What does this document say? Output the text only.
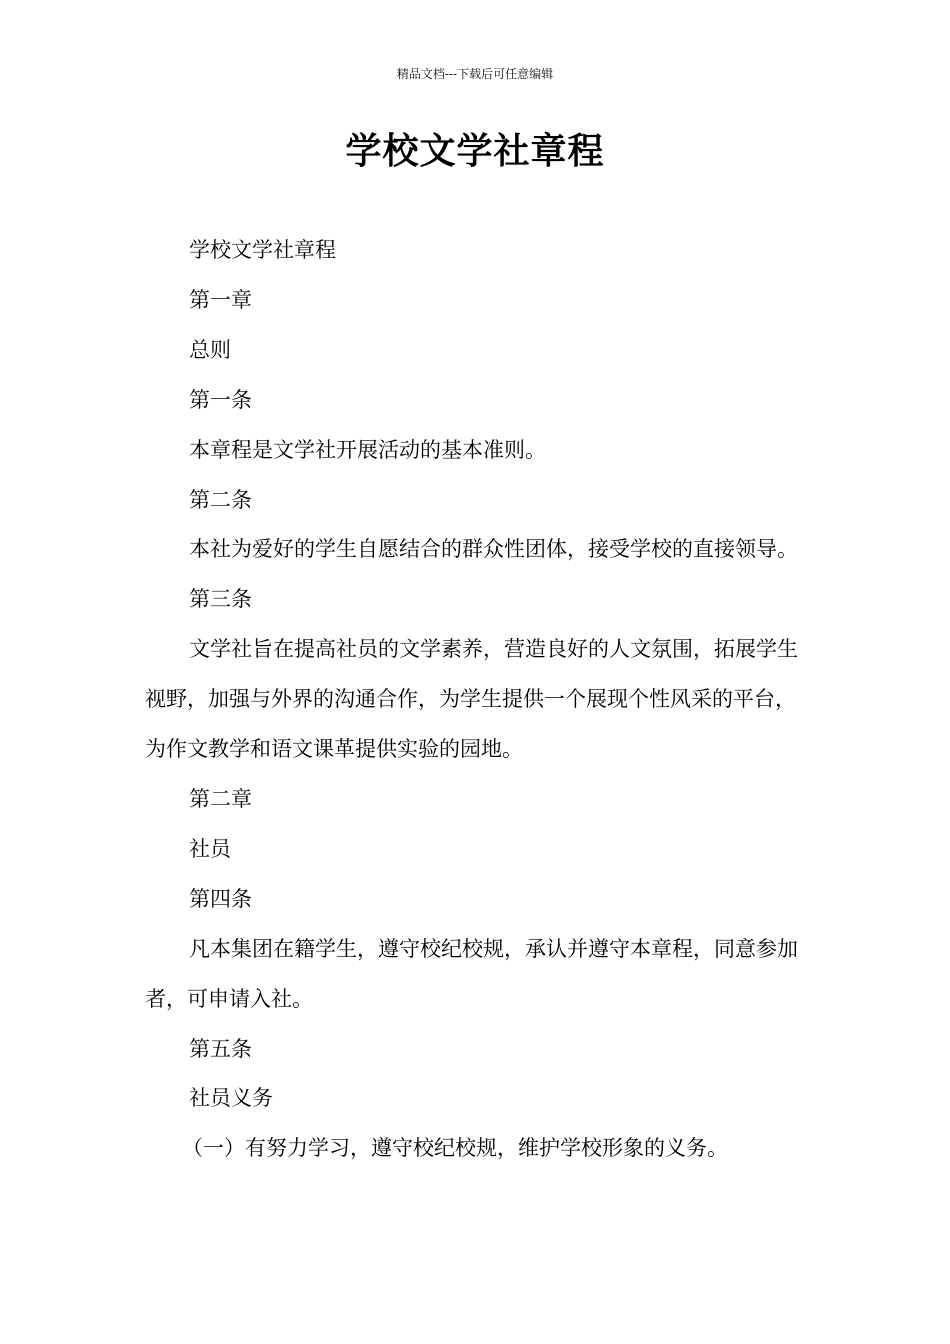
精品文档---下载后可任意编辑
学校文学社章程

学校文学社章程

第一章

总则

第一条

本章程是文学社开展活动的基本准则。

第二条

本社为爱好的学生自愿结合的群众性团体，接受学校的直接领导。

第三条

文学社旨在提高社员的文学素养，营造良好的人文氛围，拓展学生视野，加强与外界的沟通合作，为学生提供一个展现个性风采的平台，为作文教学和语文课革提供实验的园地。

第二章

社员

第四条

凡本集团在籍学生，遵守校纪校规，承认并遵守本章程，同意参加者，可申请入社。

第五条

社员义务

（一）有努力学习，遵守校纪校规，维护学校形象的义务。
